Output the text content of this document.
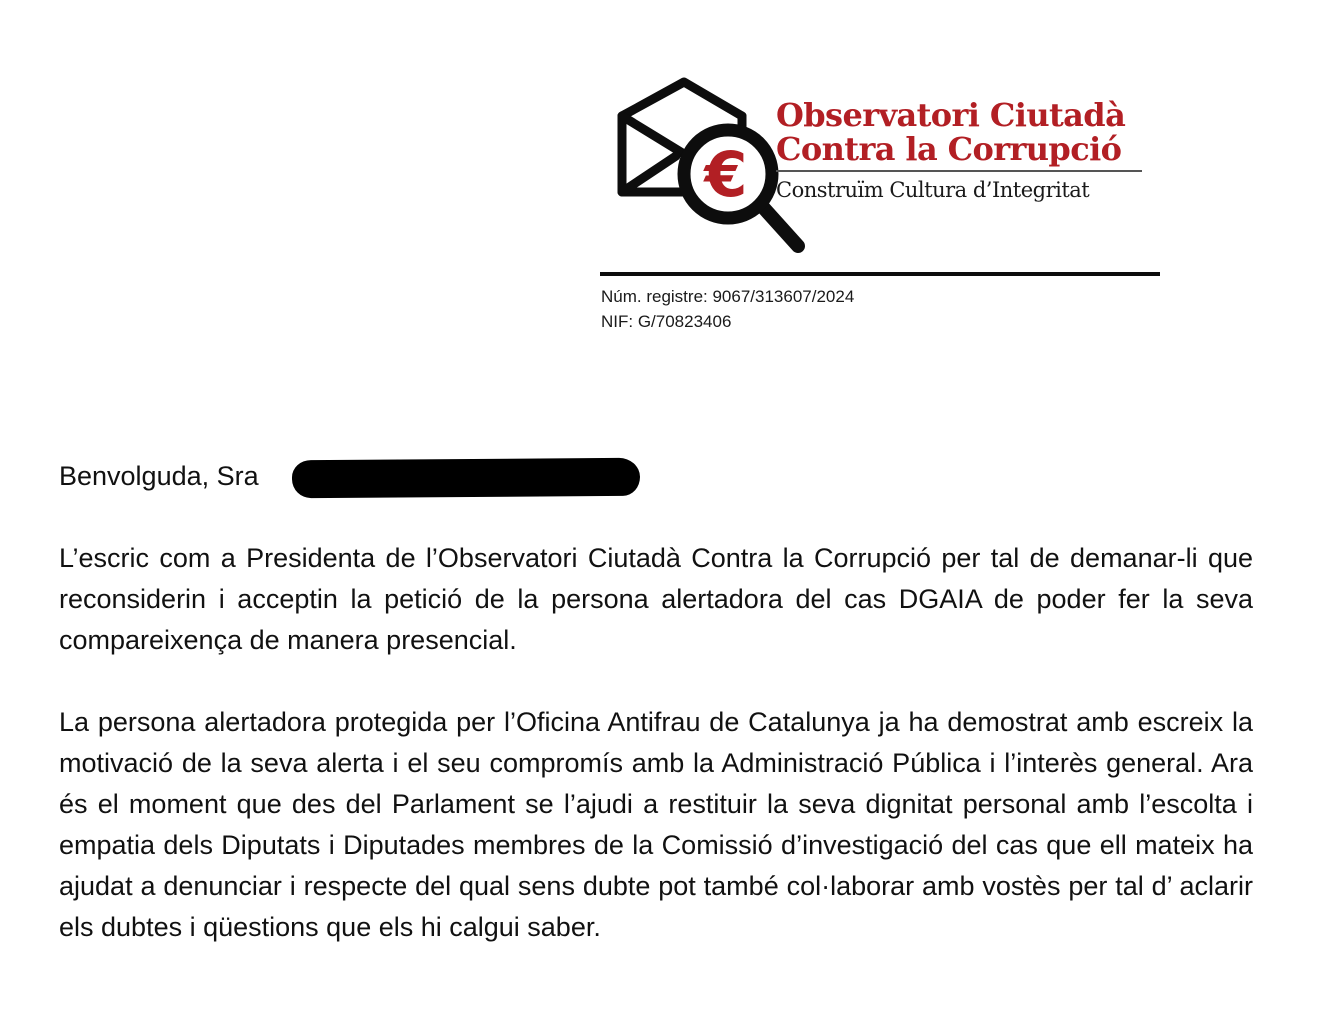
€
Observatori Ciutadà
Contra la Corrupció
Construïm Cultura d’Integritat
Núm. registre: 9067/313607/2024
NIF: G/70823406

Benvolguda, Sra

L’escric com a Presidenta de l’Observatori Ciutadà Contra la Corrupció per tal de demanar-li que reconsiderin i acceptin la petició de la persona alertadora del cas DGAIA de poder fer la seva compareixença de manera presencial.

La persona alertadora protegida per l’Oficina Antifrau de Catalunya ja ha demostrat amb escreix la motivació de la seva alerta i el seu compromís amb la Administració Pública i l’interès general. Ara és el moment que des del Parlament se l’ajudi a restituir la seva dignitat personal amb l’escolta i empatia dels Diputats i Diputades membres de la Comissió d’investigació del cas que ell mateix ha ajudat a denunciar i respecte del qual sens dubte pot també col·laborar amb vostès per tal d’ aclarir els dubtes i qüestions que els hi calgui saber.
